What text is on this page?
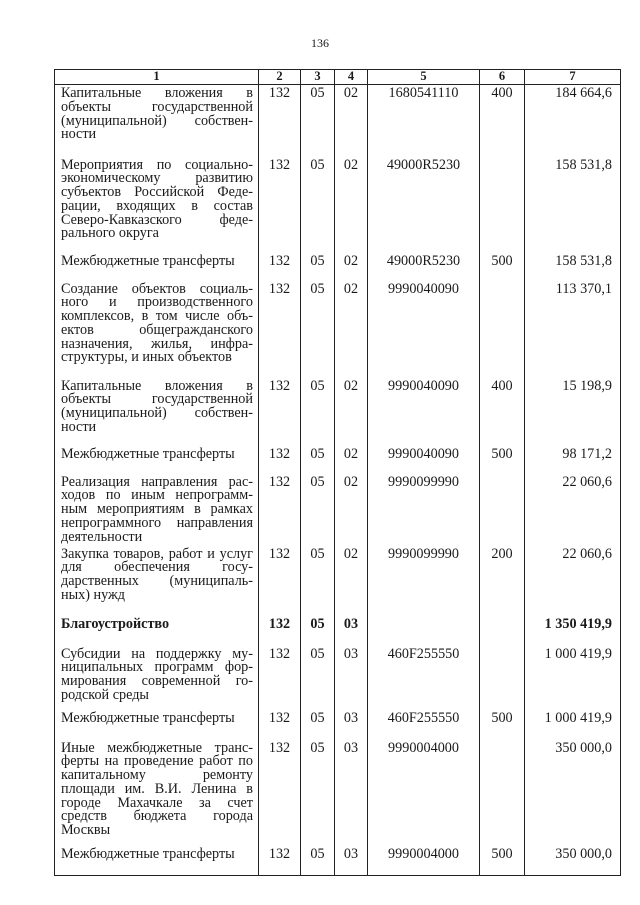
136
1	2	3	4	5	6	7
Капитальные вложения в объекты государственной (муниципальной) собствен-ности	132	05	02	1680541110	400	184 664,6
Мероприятия по социально-экономическому развитию субъектов Российской Феде-рации, входящих в состав Северо-Кавказского феде-рального округа	132	05	02	49000R5230		158 531,8
Межбюджетные трансферты	132	05	02	49000R5230	500	158 531,8
Создание объектов социаль-ного и производственного комплексов, в том числе объ-ектов общегражданского назначения, жилья, инфра-структуры, и иных объектов	132	05	02	9990040090		113 370,1
Капитальные вложения в объекты государственной (муниципальной) собствен-ности	132	05	02	9990040090	400	15 198,9
Межбюджетные трансферты	132	05	02	9990040090	500	98 171,2
Реализация направления рас-ходов по иным непрограмм-ным мероприятиям в рамках непрограммного направления деятельности	132	05	02	9990099990		22 060,6
Закупка товаров, работ и услуг для обеспечения госу-дарственных (муниципаль-ных) нужд	132	05	02	9990099990	200	22 060,6
Благоустройство	132	05	03			1 350 419,9
Субсидии на поддержку му-ниципальных программ фор-мирования современной го-родской среды	132	05	03	460F255550		1 000 419,9
Межбюджетные трансферты	132	05	03	460F255550	500	1 000 419,9
Иные межбюджетные транс-ферты на проведение работ по капитальному ремонту площади им. В.И. Ленина в городе Махачкале за счет средств бюджета города Москвы	132	05	03	9990004000		350 000,0
Межбюджетные трансферты	132	05	03	9990004000	500	350 000,0
